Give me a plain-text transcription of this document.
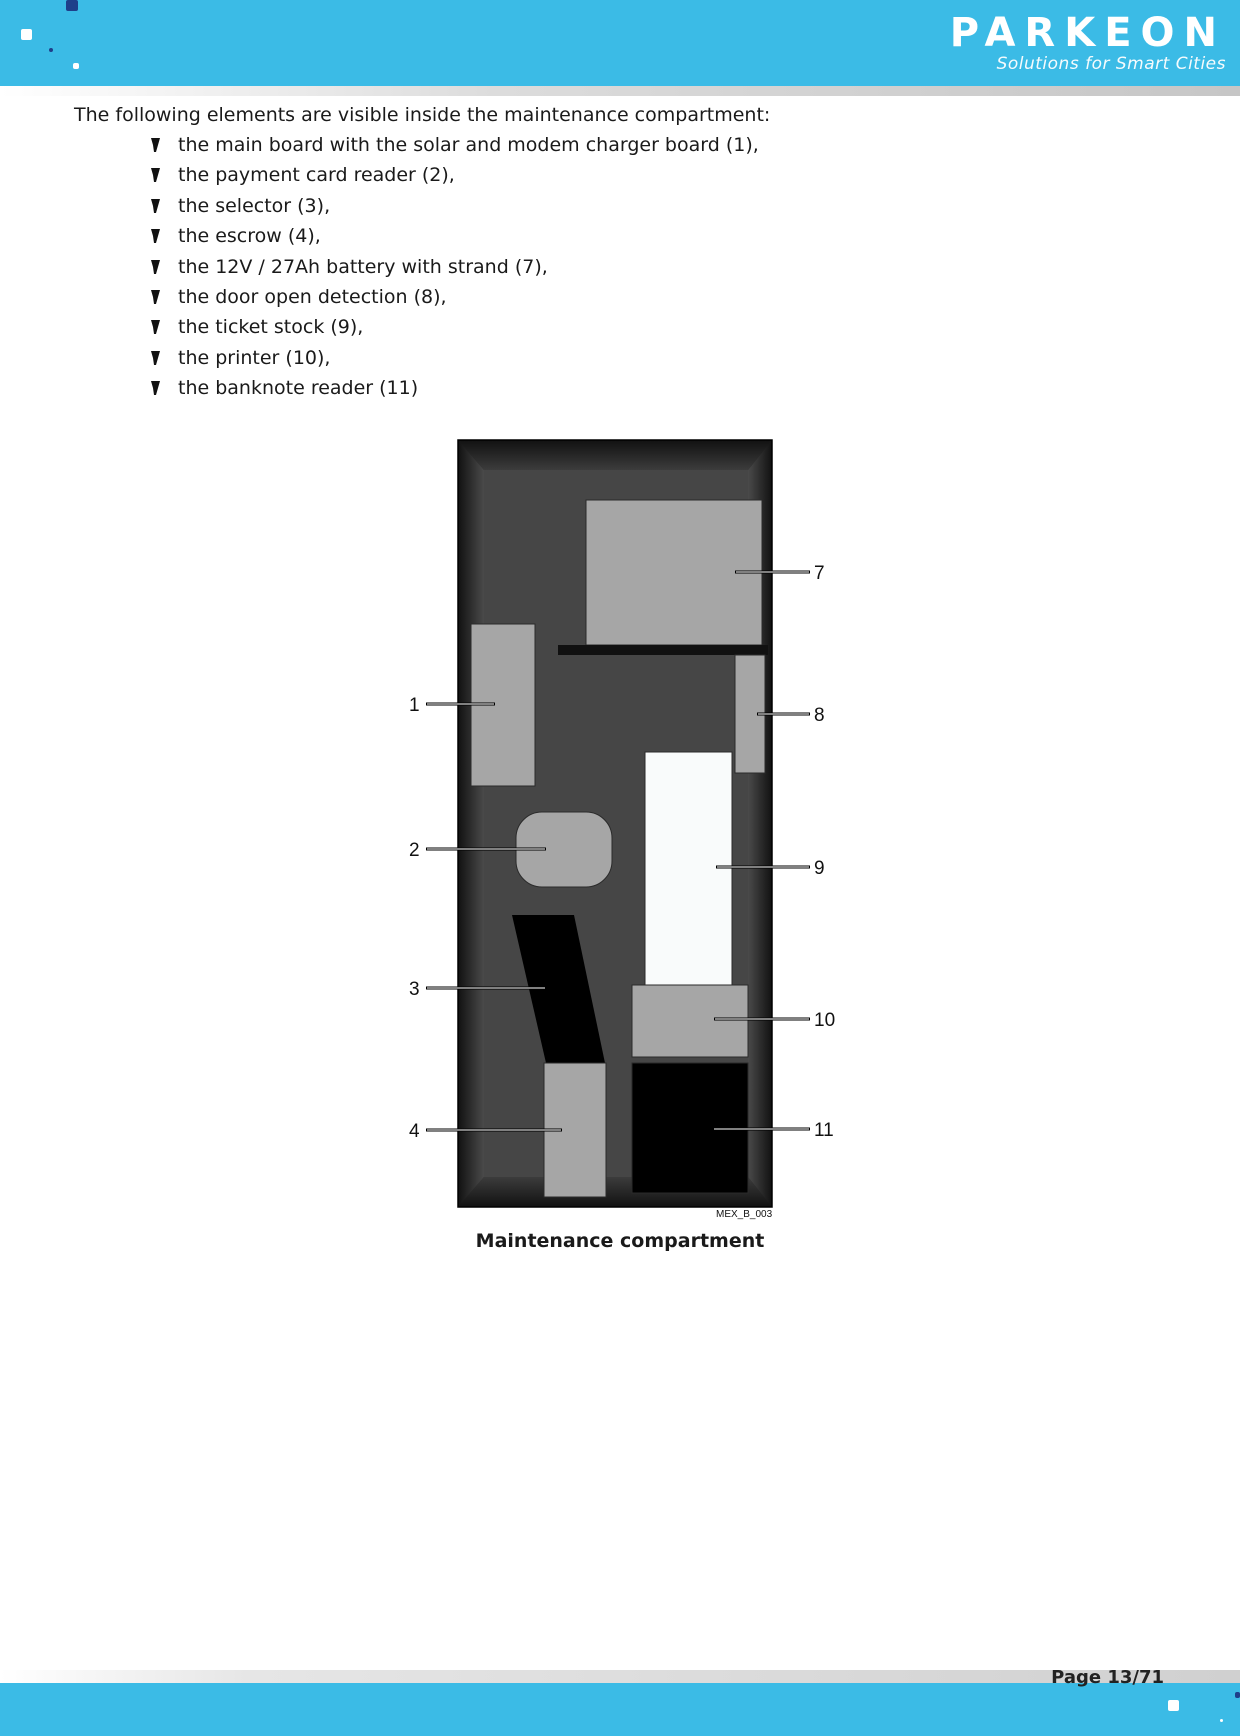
PARKEON
Solutions for Smart Cities

The following elements are visible inside the maintenance compartment:

the main board with the solar and modem charger board (1),
the payment card reader (2),
the selector (3),
the escrow (4),
the 12V / 27Ah battery with strand (7),
the door open detection (8),
the ticket stock (9),
the printer (10),
the banknote reader (11)
1
2
3
4
7
8
9
10
11
MEX_B_003
Maintenance compartment
Page 13/71
